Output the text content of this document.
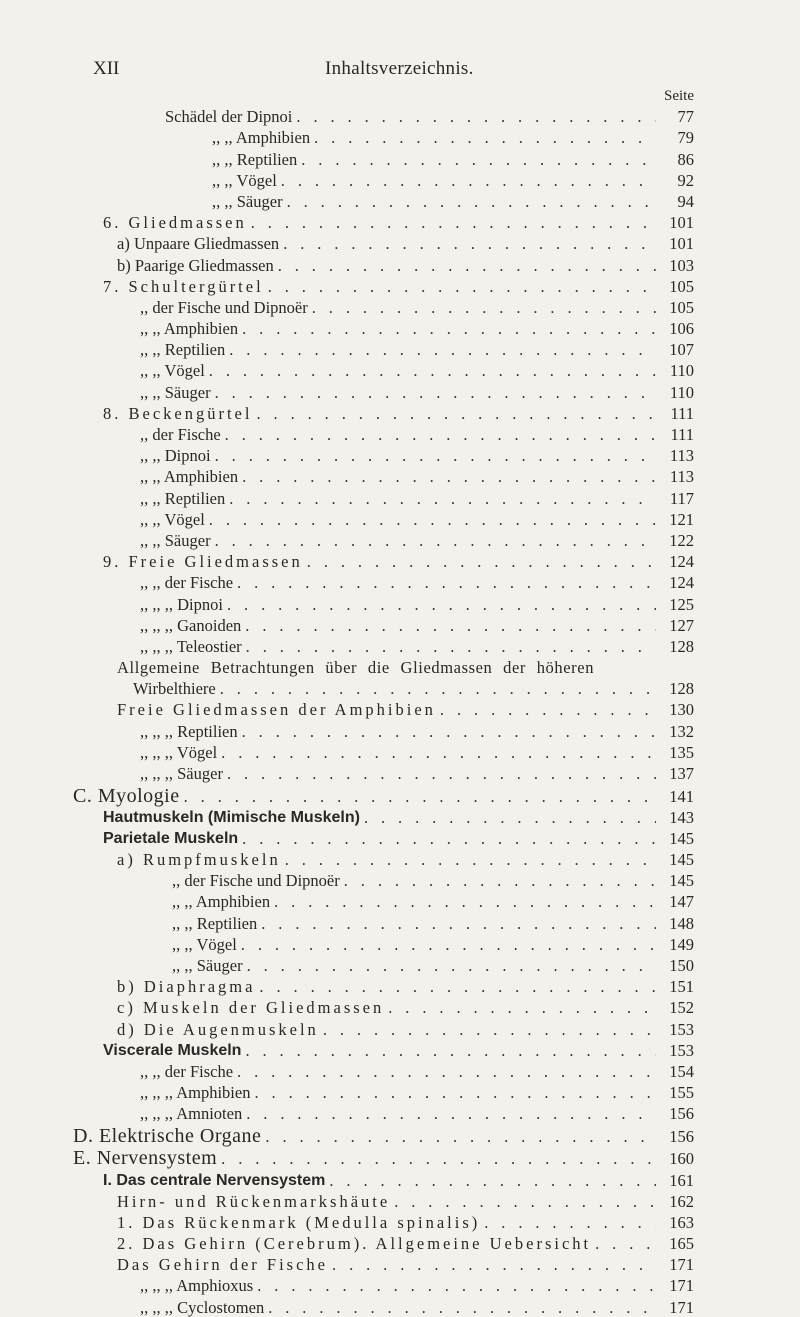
XII	Inhaltsverzeichnis.
Seite
Schädel der Dipnoi . . .	77
,, ,, Amphibien . . .	79
,, ,, Reptilien . . .	86
,, ,, Vögel . . .	92
,, ,, Säuger . . .	94
6. Gliedmassen . . .	101
a) Unpaare Gliedmassen . . .	101
b) Paarige Gliedmassen . . .	103
7. Schultergürtel . . .	105
,, der Fische und Dipnoër . . .	105
,, ,, Amphibien . . .	106
,, ,, Reptilien . . .	107
,, ,, Vögel . . .	110
,, ,, Säuger . . .	110
8. Beckengürtel . . .	111
,, der Fische . . .	111
,, ,, Dipnoi . . .	113
,, ,, Amphibien . . .	113
,, ,, Reptilien . . .	117
,, ,, Vögel . . .	121
,, ,, Säuger . . .	122
9. Freie Gliedmassen . . .	124
,, ,, der Fische . . .	124
,, ,, ,, Dipnoi . . .	125
,, ,, ,, Ganoiden . . .	127
,, ,, ,, Teleostier . . .	128
Allgemeine Betrachtungen über die Gliedmassen der höheren
Wirbelthiere . . .	128
Freie Gliedmassen der Amphibien . . .	130
,, ,, ,, Reptilien . . .	132
,, ,, ,, Vögel . . .	135
,, ,, ,, Säuger . . .	137
C. Myologie . . .	141
Hautmuskeln (Mimische Muskeln) . . .	143
Parietale Muskeln . . .	145
a) Rumpfmuskeln . . .	145
,, der Fische und Dipnoër . . .	145
,, ,, Amphibien . . .	147
,, ,, Reptilien . . .	148
,, ,, Vögel . . .	149
,, ,, Säuger . . .	150
b) Diaphragma . . .	151
c) Muskeln der Gliedmassen . . .	152
d) Die Augenmuskeln . . .	153
Viscerale Muskeln . . .	153
,, ,, der Fische . . .	154
,, ,, ,, Amphibien . . .	155
,, ,, ,, Amnioten . . .	156
D. Elektrische Organe . . .	156
E. Nervensystem . . .	160
I. Das centrale Nervensystem . . .	161
Hirn- und Rückenmarkshäute . . .	162
1. Das Rückenmark (Medulla spinalis) . . .	163
2. Das Gehirn (Cerebrum). Allgemeine Uebersicht . . .	165
Das Gehirn der Fische . . .	171
,, ,, ,, Amphioxus . . .	171
,, ,, ,, Cyclostomen . . .	171
